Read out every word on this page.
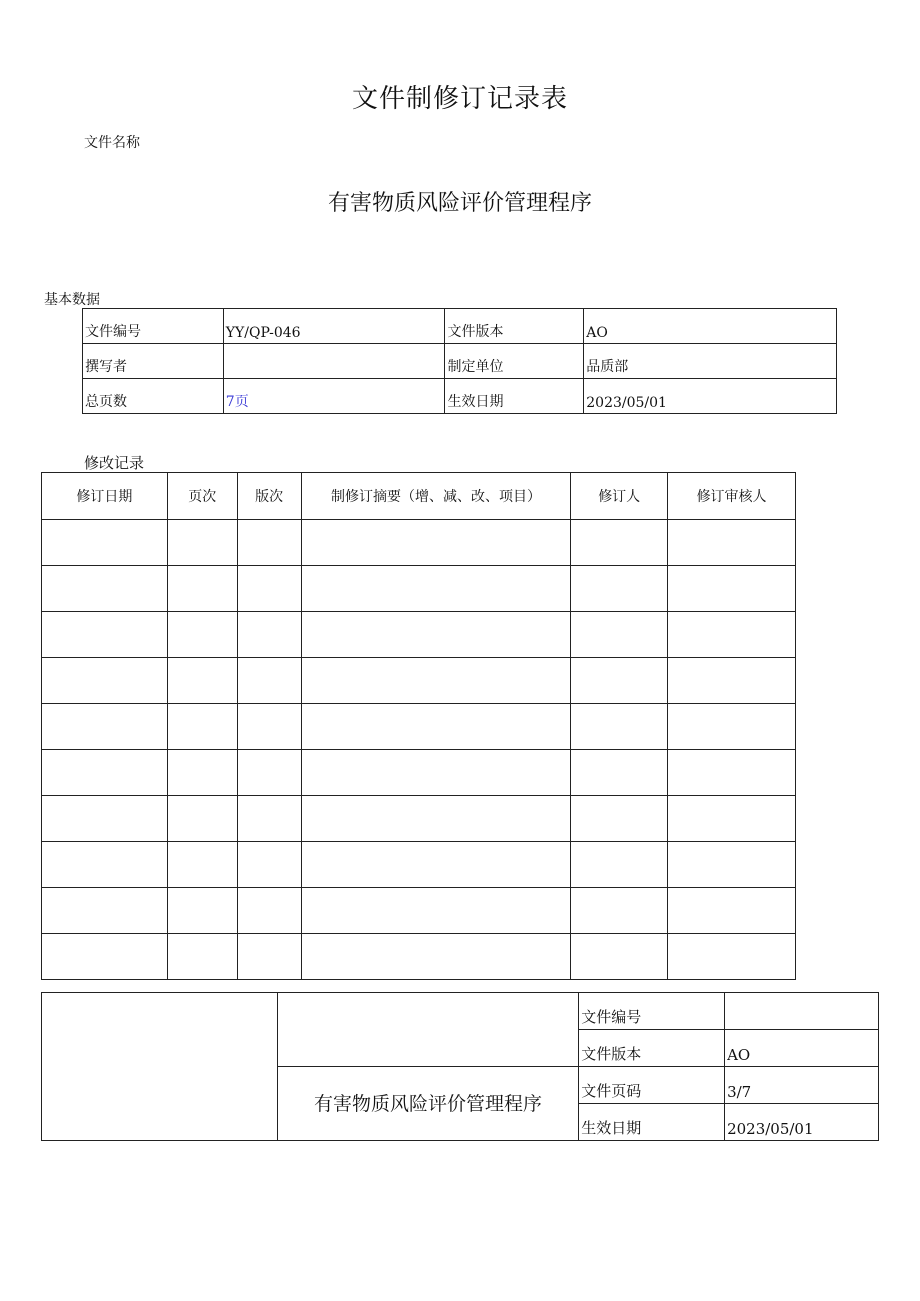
文件制修订记录表
文件名称
有害物质风险评价管理程序
基本数据
文件编号	YY/QP-046	文件版本	AO
撰写者		制定单位	品质部
总页数	7页	生效日期	2023/05/01
修改记录
修订日期	页次	版次	制修订摘要（增、减、改、项目）	修订人	修订审核人

		文件编号	
		文件版本	AO
	有害物质风险评价管理程序	文件页码	3/7
		生效日期	2023/05/01
